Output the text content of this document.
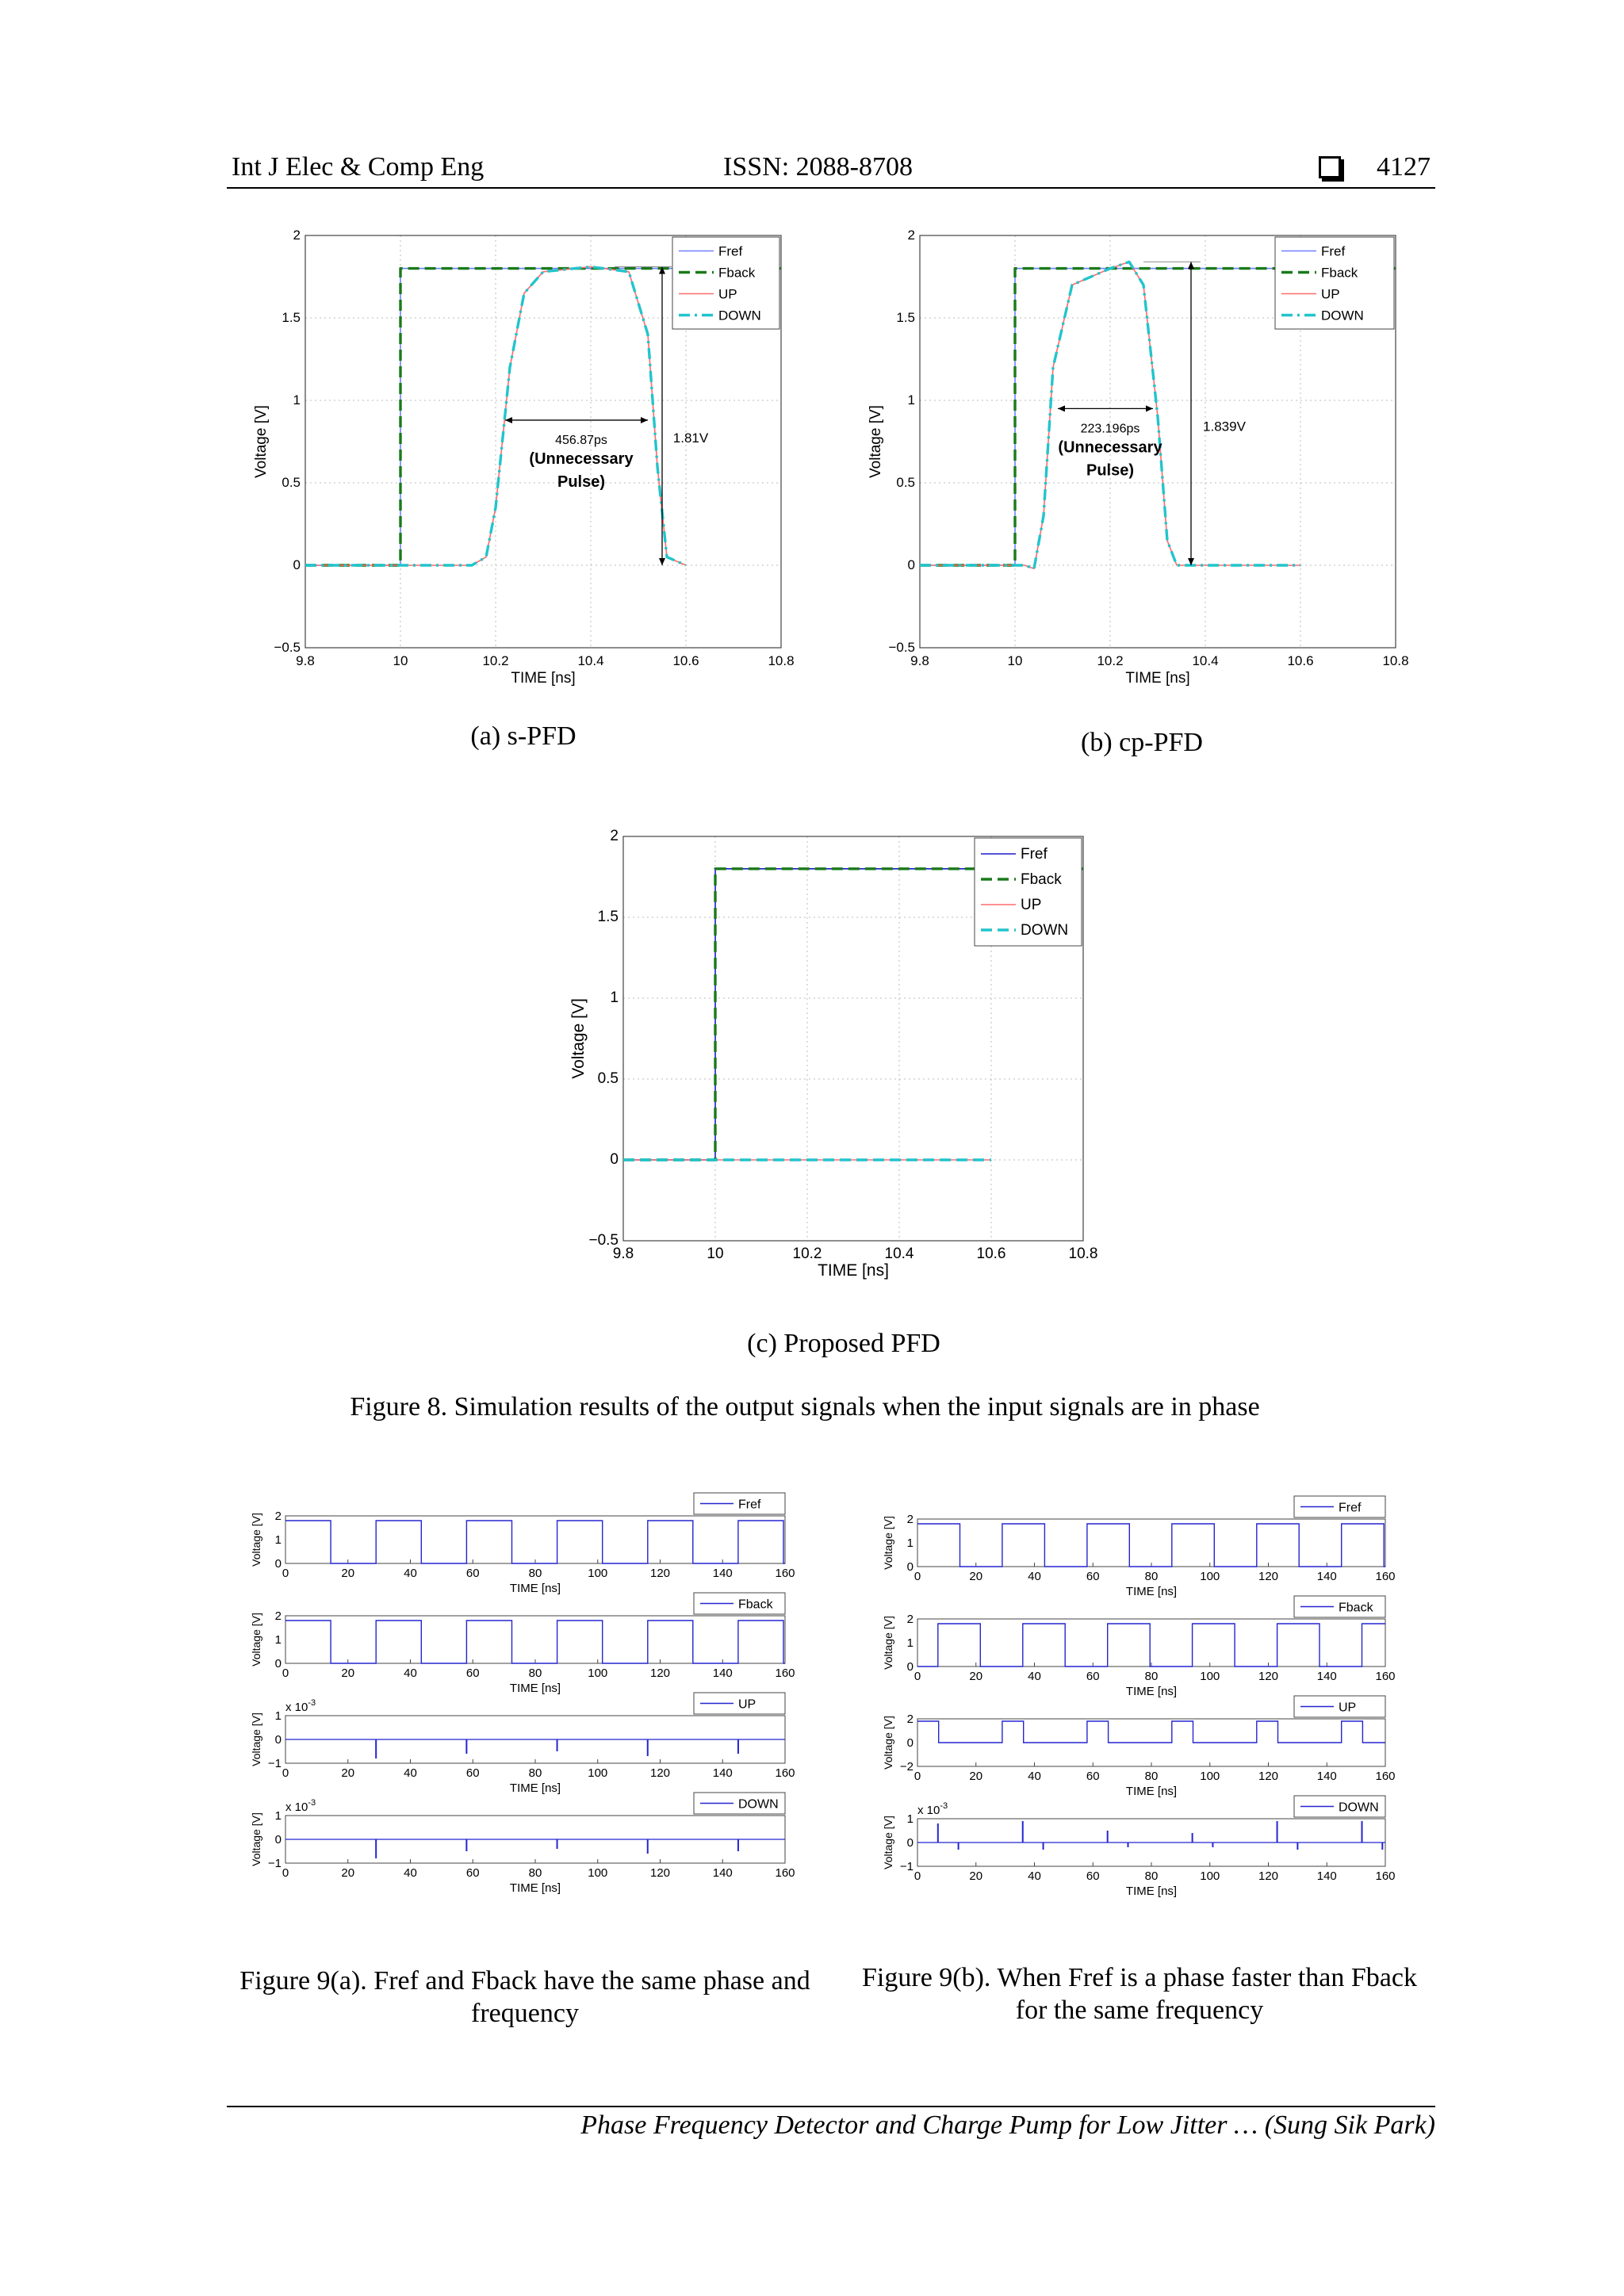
Int J Elec & Comp Eng	ISSN: 2088-8708	4127
9.8	10	10.2	10.4	10.6	10.8
−0.5
0
0.5
1
1.5
2
TIME [ns]
Voltage [V]
Fref
Fback
UP
DOWN
456.87ps
(Unnecessary
Pulse)
1.81V
9.8	10	10.2	10.4	10.6	10.8
−0.5
0
0.5
1
1.5
2
TIME [ns]
Voltage [V]
Fref
Fback
UP
DOWN
223.196ps
(Unnecessary
Pulse)
1.839V
(a) s-PFD	(b) cp-PFD
9.8	10	10.2	10.4	10.6	10.8
−0.5
0
0.5
1
1.5
2
TIME [ns]
Voltage [V]
Fref
Fback
UP
DOWN
(c) Proposed PFD
Figure 8. Simulation results of the output signals when the input signals are in phase
0	20	40	60	80	100	120	140	160
0
1
2
TIME [ns]
Voltage [V]
Fref
0	20	40	60	80	100	120	140	160
0
1
2
TIME [ns]
Voltage [V]
Fback
0	20	40	60	80	100	120	140	160
−1
0
1
TIME [ns]
Voltage [V]
x $10^{-3}$	UP
0	20	40	60	80	100	120	140	160
−1
0
1
TIME [ns]
Voltage [V]
x $10^{-3}$	DOWN
0	20	40	60	80	100	120	140	160
0
1
2
TIME [ns]
Voltage [V]
Fref
0	20	40	60	80	100	120	140	160
0
1
2
TIME [ns]
Voltage [V]
Fback
0	20	40	60	80	100	120	140	160
−2
0
2
TIME [ns]
Voltage [V]
UP
0	20	40	60	80	100	120	140	160
−1
0
1
TIME [ns]
Voltage [V]
x $10^{-3}$	DOWN
Figure 9(a). Fref and Fback have the same phase and
frequency
Figure 9(b). When Fref is a phase faster than Fback
for the same frequency
Phase Frequency Detector and Charge Pump for Low Jitter … (Sung Sik Park)
